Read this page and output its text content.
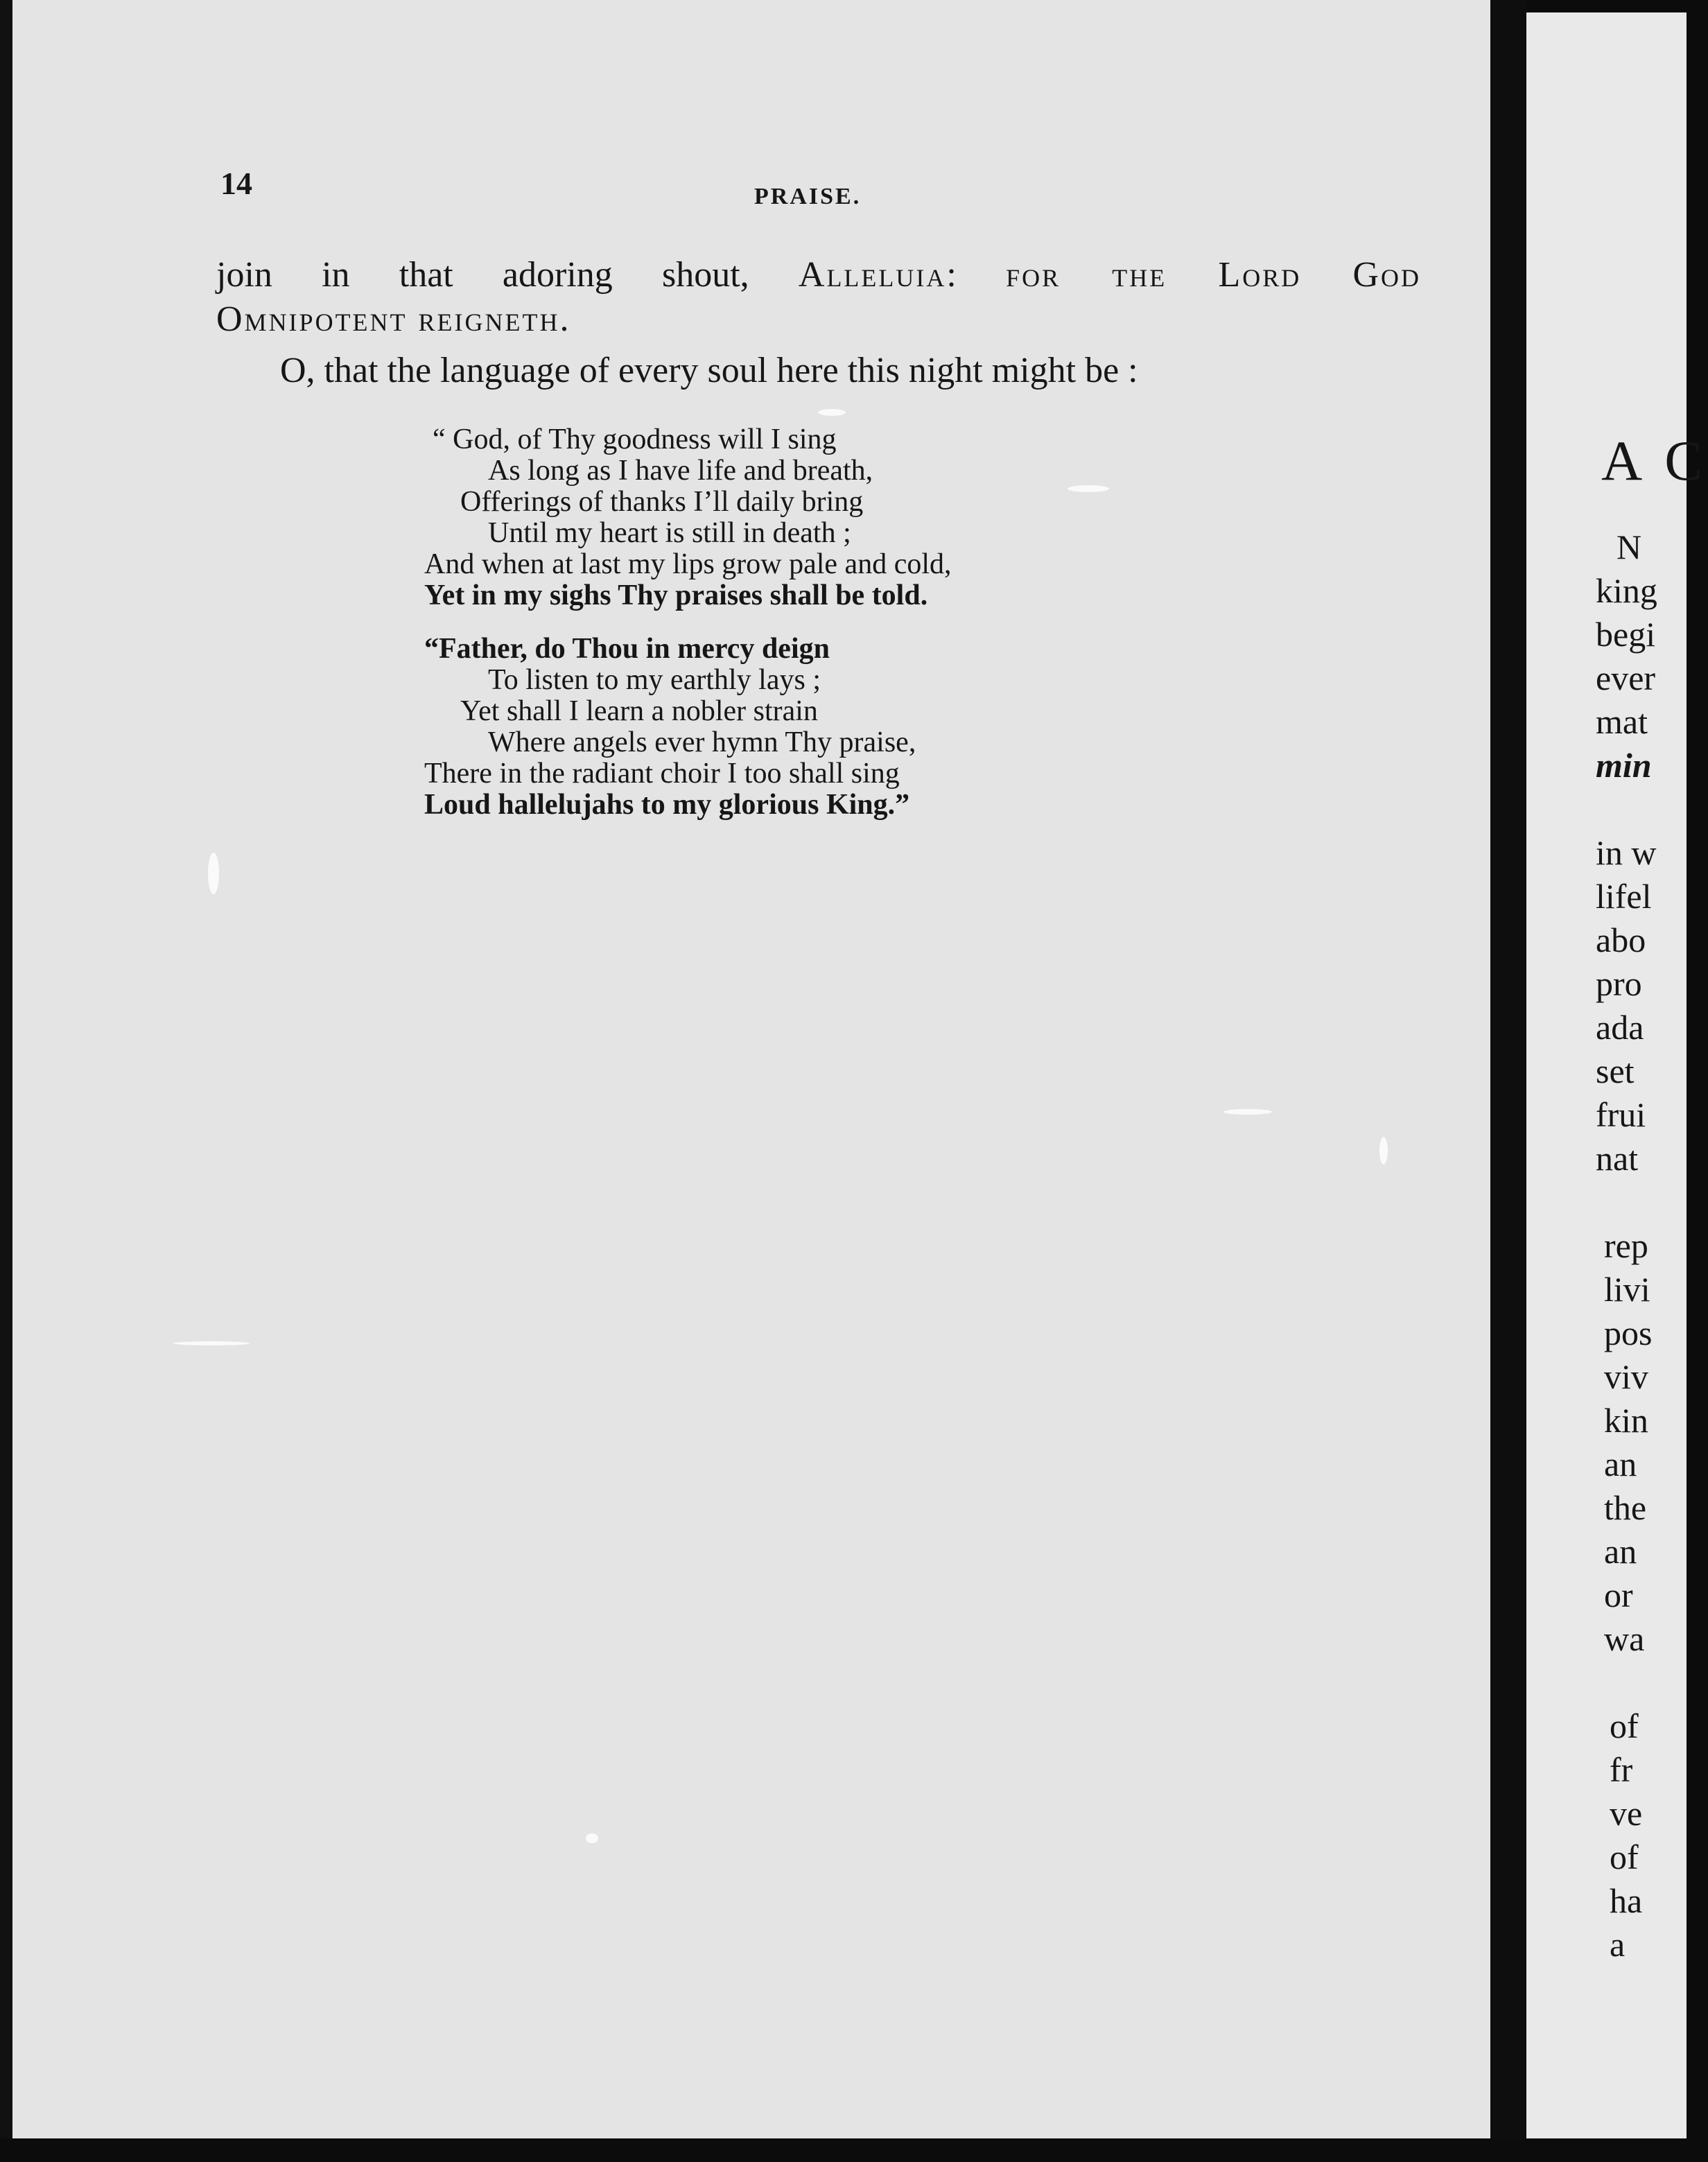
14	PRAISE.

join in that adoring shout, Alleluia: for the Lord God

Omnipotent reigneth.

O, that the language of every soul here this night might be :

“ God, of Thy goodness will I sing
As long as I have life and breath,
Offerings of thanks I’ll daily bring
Until my heart is still in death ;
And when at last my lips grow pale and cold,
Yet in my sighs Thy praises shall be told.
“Father, do Thou in mercy deign
To listen to my earthly lays ;
Yet shall I learn a nobler strain
Where angels ever hymn Thy praise,
There in the radiant choir I too shall sing
Loud hallelujahs to my glorious King.”
A C
N
king
begi
ever
mat
min

in w
lifel
abo
pro
ada
set
frui
nat

rep
livi
pos
viv
kin
an
the
an
or
wa

of
fr
ve
of
ha
a
